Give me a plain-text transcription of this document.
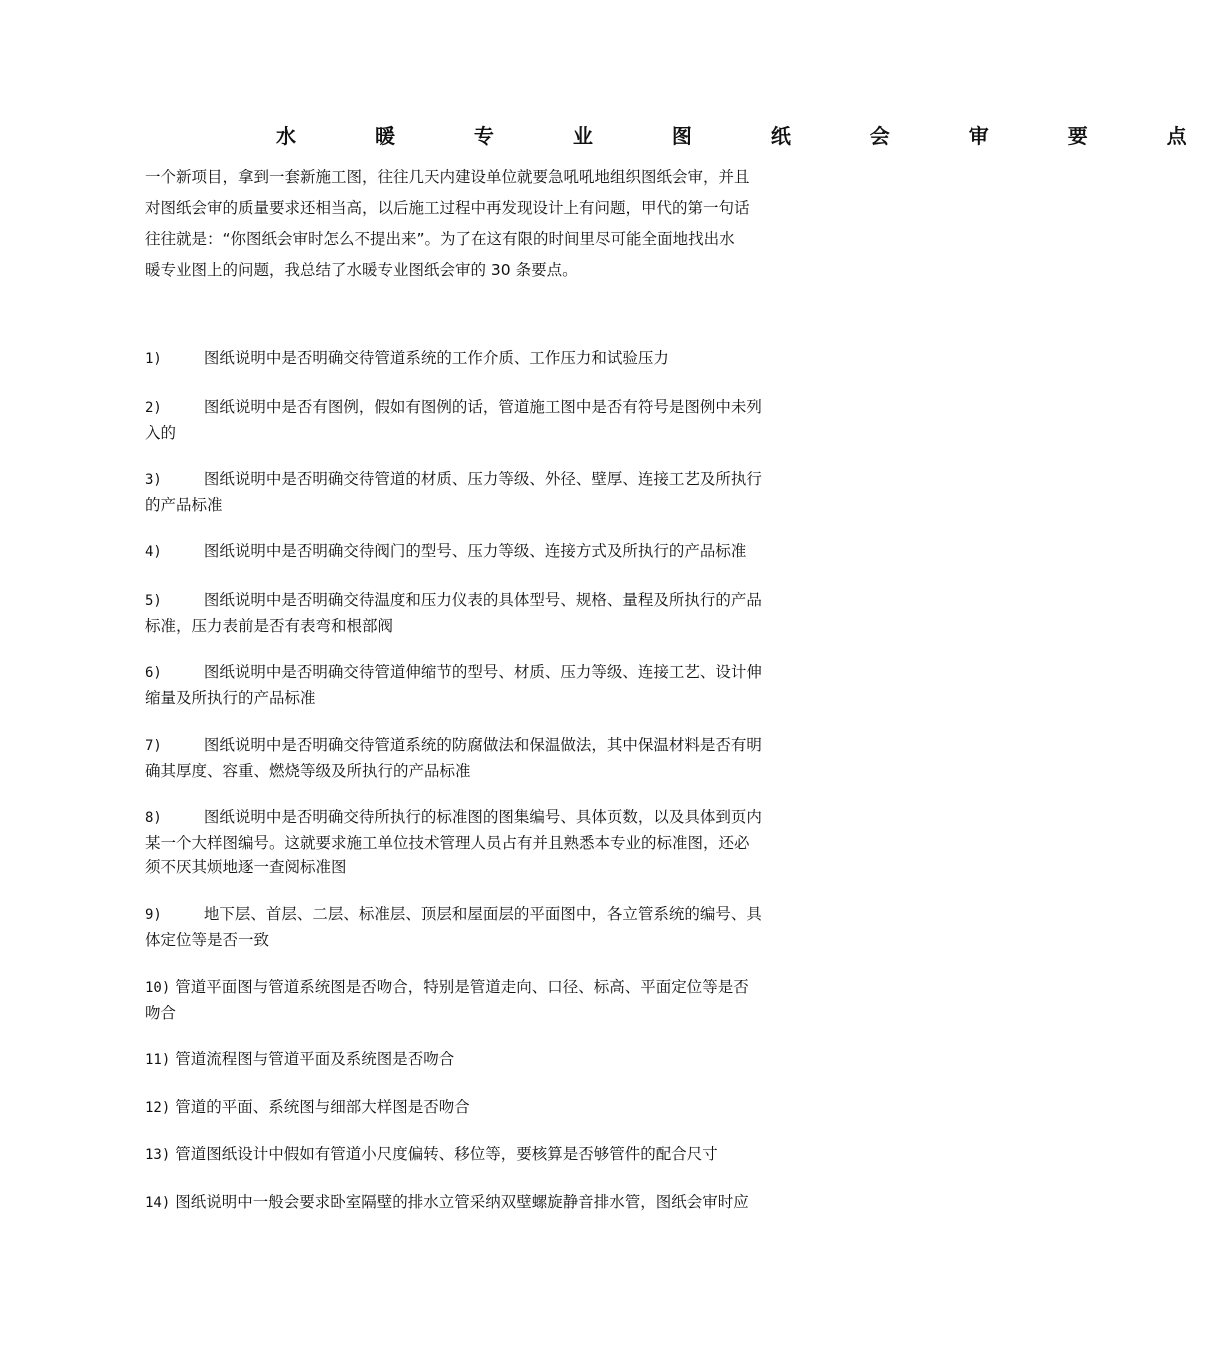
水 暖 专 业 图 纸 会 审 要 点
一个新项目，拿到一套新施工图，往往几天内建设单位就要急吼吼地组织图纸会审，并且
对图纸会审的质量要求还相当高，以后施工过程中再发现设计上有问题，甲代的第一句话
往往就是：“你图纸会审时怎么不提出来”。为了在这有限的时间里尽可能全面地找出水
暖专业图上的问题，我总结了水暖专业图纸会审的 30 条要点。
1)	图纸说明中是否明确交待管道系统的工作介质、工作压力和试验压力
2)	图纸说明中是否有图例，假如有图例的话，管道施工图中是否有符号是图例中未列
入的
3)	图纸说明中是否明确交待管道的材质、压力等级、外径、壁厚、连接工艺及所执行
的产品标准
4)	图纸说明中是否明确交待阀门的型号、压力等级、连接方式及所执行的产品标准
5)	图纸说明中是否明确交待温度和压力仪表的具体型号、规格、量程及所执行的产品
标准，压力表前是否有表弯和根部阀
6)	图纸说明中是否明确交待管道伸缩节的型号、材质、压力等级、连接工艺、设计伸
缩量及所执行的产品标准
7)	图纸说明中是否明确交待管道系统的防腐做法和保温做法，其中保温材料是否有明
确其厚度、容重、燃烧等级及所执行的产品标准
8)	图纸说明中是否明确交待所执行的标准图的图集编号、具体页数，以及具体到页内
某一个大样图编号。这就要求施工单位技术管理人员占有并且熟悉本专业的标准图，还必
须不厌其烦地逐一查阅标准图
9)	地下层、首层、二层、标准层、顶层和屋面层的平面图中，各立管系统的编号、具
体定位等是否一致
10) 管道平面图与管道系统图是否吻合，特别是管道走向、口径、标高、平面定位等是否
吻合
11) 管道流程图与管道平面及系统图是否吻合
12) 管道的平面、系统图与细部大样图是否吻合
13) 管道图纸设计中假如有管道小尺度偏转、移位等，要核算是否够管件的配合尺寸
14) 图纸说明中一般会要求卧室隔壁的排水立管采纳双壁螺旋静音排水管，图纸会审时应
